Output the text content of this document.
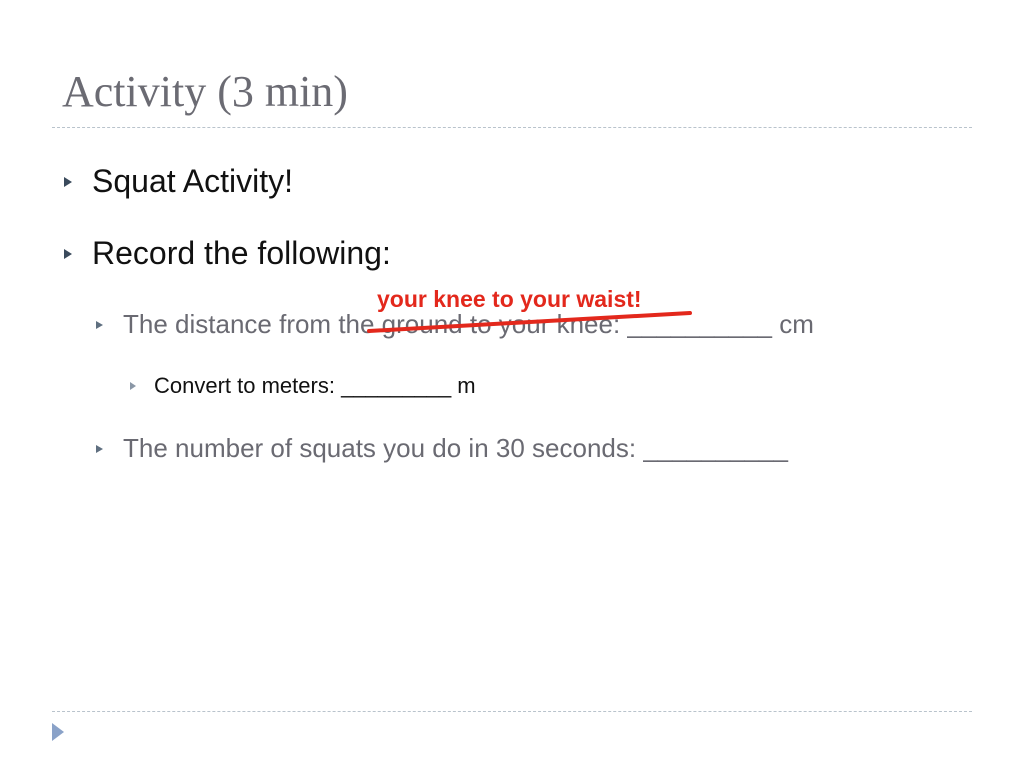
Activity (3 min)
Squat Activity!
Record the following:
The distance from the ground to your knee: __________ cm
Convert to meters: _________ m
The number of squats you do in 30 seconds: __________
your knee to your waist!
